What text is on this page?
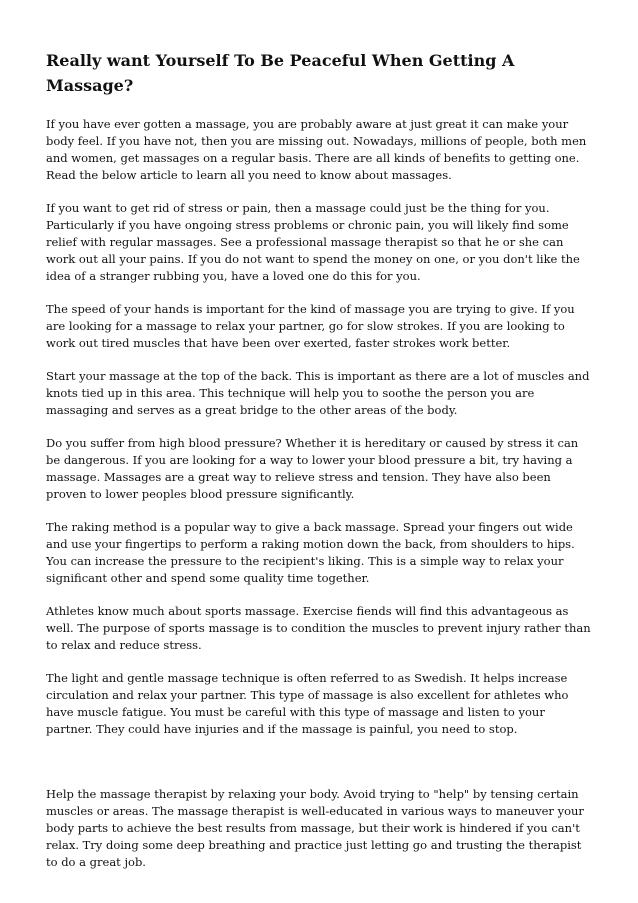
Really want Yourself To Be Peaceful When Getting A Massage?

If you have ever gotten a massage, you are probably aware at just great it can make your body feel. If you have not, then you are missing out. Nowadays, millions of people, both men and women, get massages on a regular basis. There are all kinds of benefits to getting one. Read the below article to learn all you need to know about massages.

If you want to get rid of stress or pain, then a massage could just be the thing for you. Particularly if you have ongoing stress problems or chronic pain, you will likely find some relief with regular massages. See a professional massage therapist so that he or she can work out all your pains. If you do not want to spend the money on one, or you don't like the idea of a stranger rubbing you, have a loved one do this for you.

The speed of your hands is important for the kind of massage you are trying to give. If you are looking for a massage to relax your partner, go for slow strokes. If you are looking to work out tired muscles that have been over exerted, faster strokes work better.

Start your massage at the top of the back. This is important as there are a lot of muscles and knots tied up in this area. This technique will help you to soothe the person you are massaging and serves as a great bridge to the other areas of the body.

Do you suffer from high blood pressure? Whether it is hereditary or caused by stress it can be dangerous. If you are looking for a way to lower your blood pressure a bit, try having a massage. Massages are a great way to relieve stress and tension. They have also been proven to lower peoples blood pressure significantly.

The raking method is a popular way to give a back massage. Spread your fingers out wide and use your fingertips to perform a raking motion down the back, from shoulders to hips. You can increase the pressure to the recipient's liking. This is a simple way to relax your significant other and spend some quality time together.

Athletes know much about sports massage. Exercise fiends will find this advantageous as well. The purpose of sports massage is to condition the muscles to prevent injury rather than to relax and reduce stress.

The light and gentle massage technique is often referred to as Swedish. It helps increase circulation and relax your partner. This type of massage is also excellent for athletes who have muscle fatigue. You must be careful with this type of massage and listen to your partner. They could have injuries and if the massage is painful, you need to stop.

Help the massage therapist by relaxing your body. Avoid trying to "help" by tensing certain muscles or areas. The massage therapist is well-educated in various ways to maneuver your body parts to achieve the best results from massage, but their work is hindered if you can't relax. Try doing some deep breathing and practice just letting go and trusting the therapist to do a great job.
